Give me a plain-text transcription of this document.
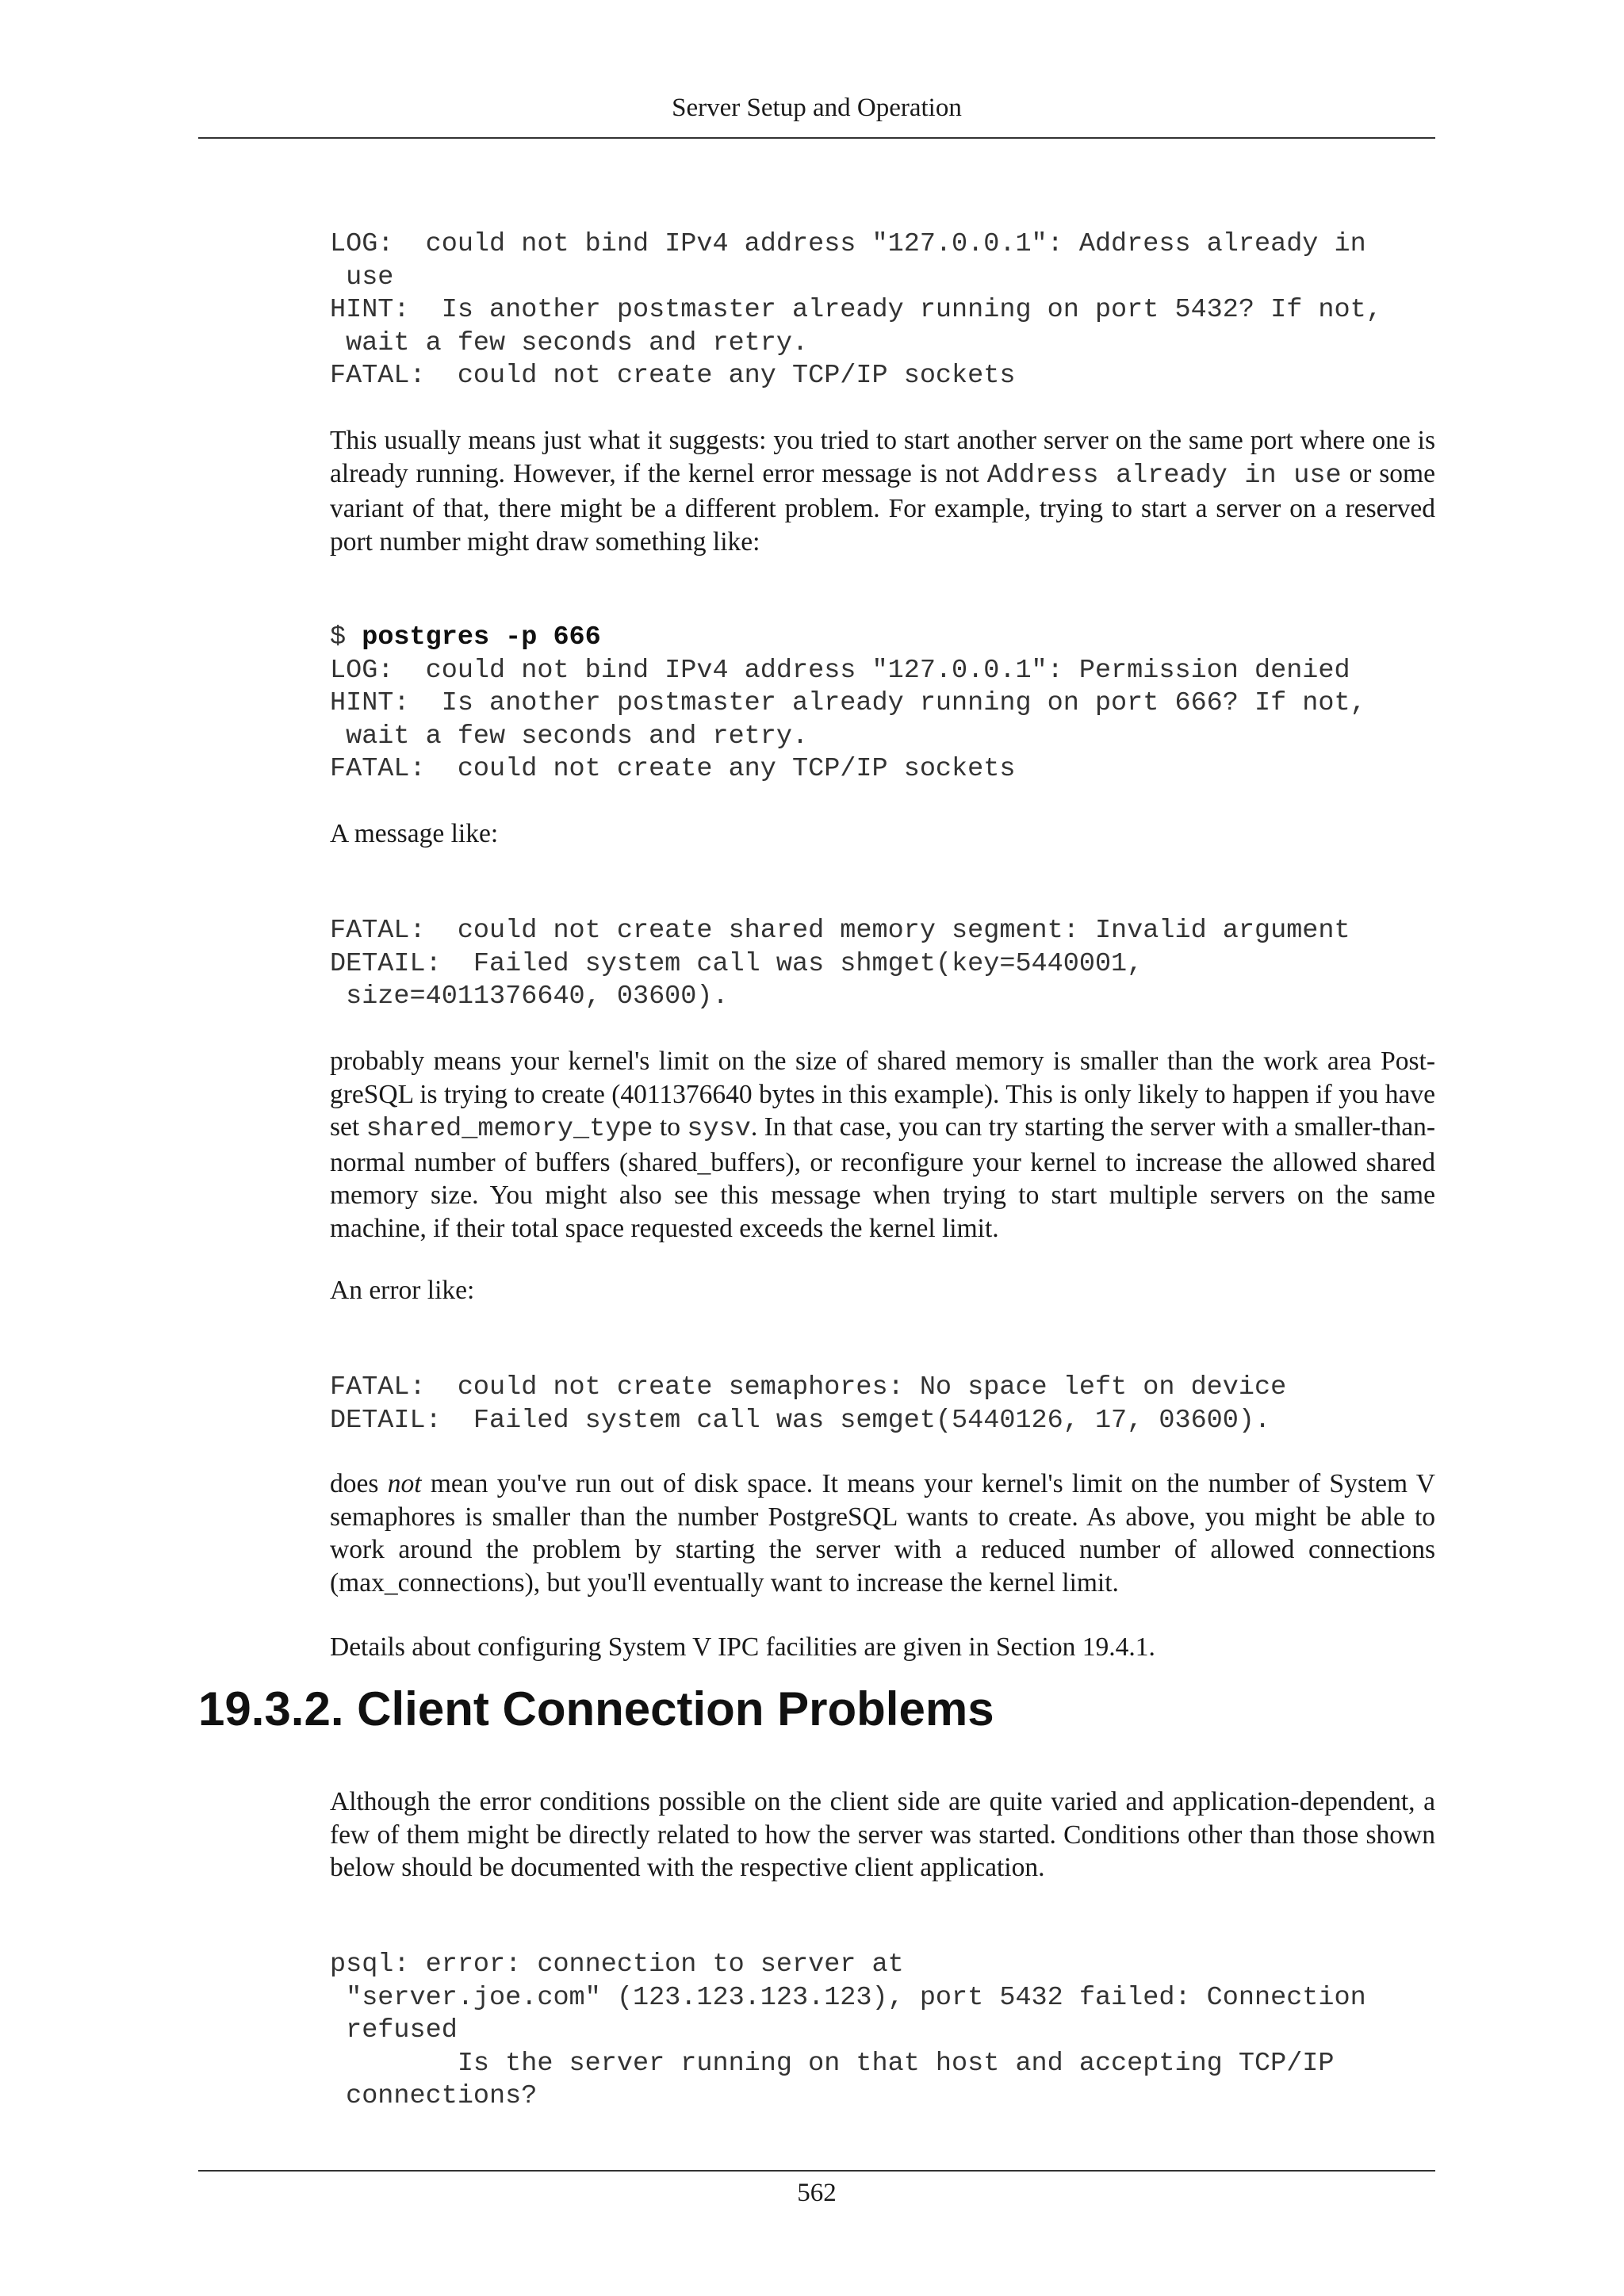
Server Setup and Operation
LOG:  could not bind IPv4 address "127.0.0.1": Address already in
use
HINT:  Is another postmaster already running on port 5432? If not,
wait a few seconds and retry.
FATAL:  could not create any TCP/IP sockets

This usually means just what it suggests: you tried to start another server on the same port where one is already running. However, if the kernel error message is not Address already in use or some variant of that, there might be a different problem. For example, trying to start a server on a reserved port number might draw something like:

$ postgres -p 666
LOG:  could not bind IPv4 address "127.0.0.1": Permission denied
HINT:  Is another postmaster already running on port 666? If not,
wait a few seconds and retry.
FATAL:  could not create any TCP/IP sockets

A message like:

FATAL:  could not create shared memory segment: Invalid argument
DETAIL:  Failed system call was shmget(key=5440001,
size=4011376640, 03600).

probably means your kernel's limit on the size of shared memory is smaller than the work area PostgreSQL is trying to create (4011376640 bytes in this example). This is only likely to happen if you have set shared_memory_type to sysv. In that case, you can try starting the server with a smaller-than-normal number of buffers (shared_buffers), or reconfigure your kernel to increase the allowed shared memory size. You might also see this message when trying to start multiple servers on the same machine, if their total space requested exceeds the kernel limit.

An error like:

FATAL:  could not create semaphores: No space left on device
DETAIL:  Failed system call was semget(5440126, 17, 03600).

does not mean you've run out of disk space. It means your kernel's limit on the number of System V semaphores is smaller than the number PostgreSQL wants to create. As above, you might be able to work around the problem by starting the server with a reduced number of allowed connections (max_connections), but you'll eventually want to increase the kernel limit.

Details about configuring System V IPC facilities are given in Section 19.4.1.

Although the error conditions possible on the client side are quite varied and application-dependent, a few of them might be directly related to how the server was started. Conditions other than those shown below should be documented with the respective client application.

psql: error: connection to server at
"server.joe.com" (123.123.123.123), port 5432 failed: Connection
refused
Is the server running on that host and accepting TCP/IP
connections?
19.3.2. Client Connection Problems
562
